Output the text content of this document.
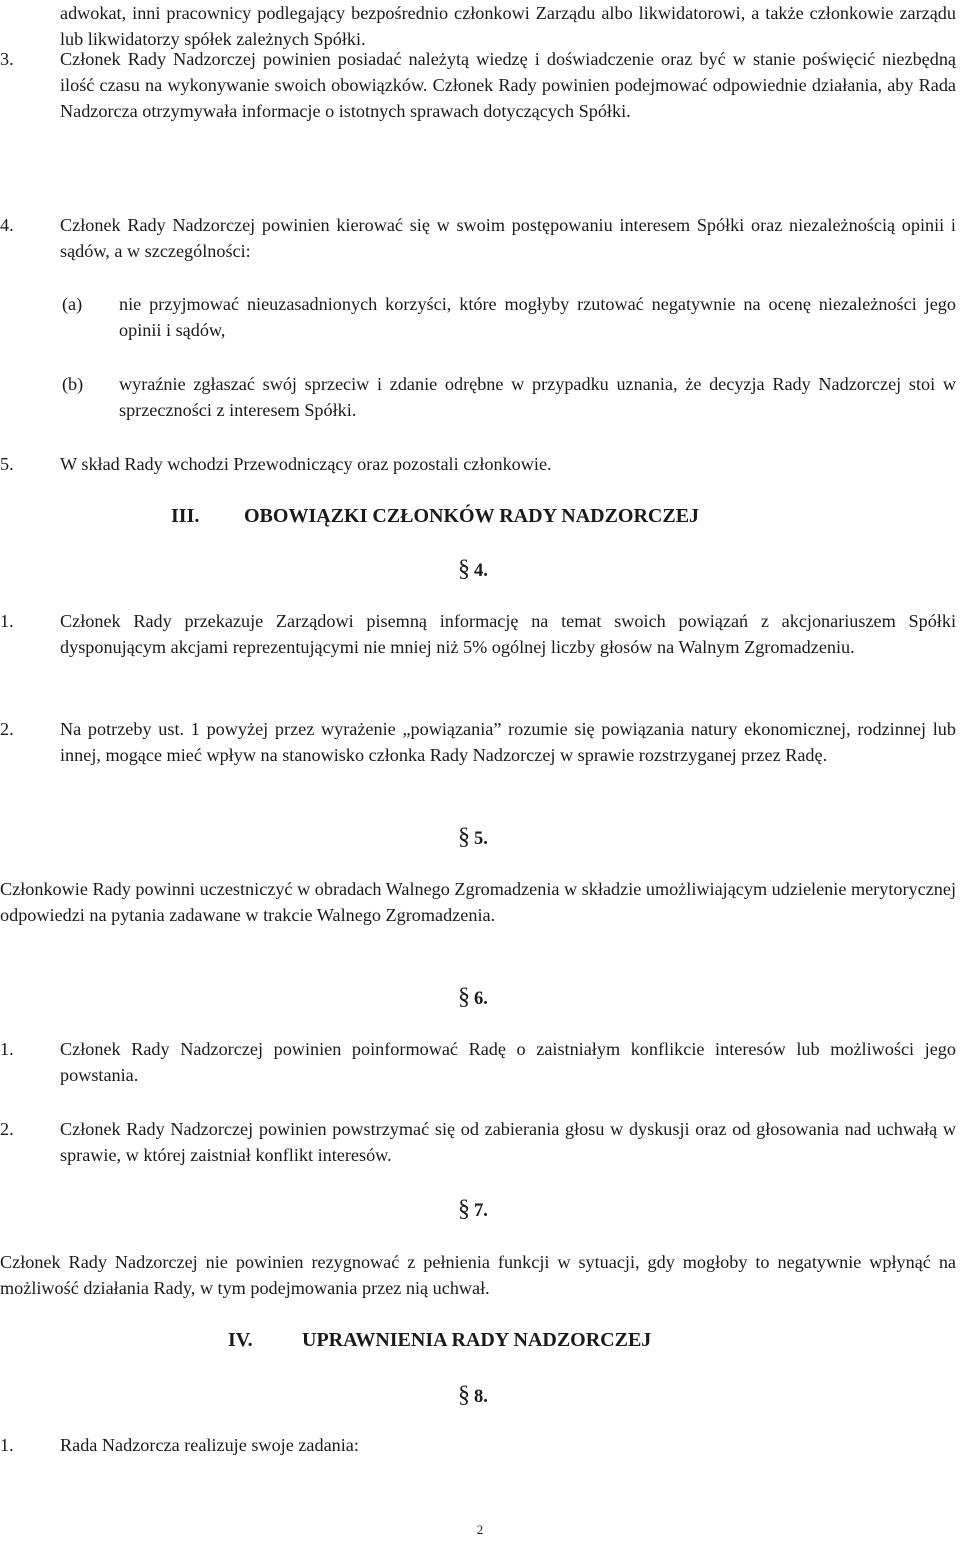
adwokat, inni pracownicy podlegający bezpośrednio członkowi Zarządu albo likwidatorowi, a także członkowie zarządu lub likwidatorzy spółek zależnych Spółki.
3.	Członek Rady Nadzorczej powinien posiadać należytą wiedzę i doświadczenie oraz być w stanie poświęcić niezbędną ilość czasu na wykonywanie swoich obowiązków. Członek Rady powinien podejmować odpowiednie działania, aby Rada Nadzorcza otrzymywała informacje o istotnych sprawach dotyczących Spółki.
4.	Członek Rady Nadzorczej powinien kierować się w swoim postępowaniu interesem Spółki oraz niezależnością opinii i sądów, a w szczególności:
(a) nie przyjmować nieuzasadnionych korzyści, które mogłyby rzutować negatywnie na ocenę niezależności jego opinii i sądów,
(b) wyraźnie zgłaszać swój sprzeciw i zdanie odrębne w przypadku uznania, że decyzja Rady Nadzorczej stoi w sprzeczności z interesem Spółki.
5.	W skład Rady wchodzi Przewodniczący oraz pozostali członkowie.
III. OBOWIĄZKI CZŁONKÓW RADY NADZORCZEJ
§ 4.
1.	Członek Rady przekazuje Zarządowi pisemną informację na temat swoich powiązań z akcjonariuszem Spółki dysponującym akcjami reprezentującymi nie mniej niż 5% ogólnej liczby głosów na Walnym Zgromadzeniu.
2.	Na potrzeby ust. 1 powyżej przez wyrażenie „powiązania” rozumie się powiązania natury ekonomicznej, rodzinnej lub innej, mogące mieć wpływ na stanowisko członka Rady Nadzorczej w sprawie rozstrzyganej przez Radę.
§ 5.
Członkowie Rady powinni uczestniczyć w obradach Walnego Zgromadzenia w składzie umożliwiającym udzielenie merytorycznej odpowiedzi na pytania zadawane w trakcie Walnego Zgromadzenia.
§ 6.
1.	Członek Rady Nadzorczej powinien poinformować Radę o zaistniałym konflikcie interesów lub możliwości jego powstania.
2.	Członek Rady Nadzorczej powinien powstrzymać się od zabierania głosu w dyskusji oraz od głosowania nad uchwałą w sprawie, w której zaistniał konflikt interesów.
§ 7.
Członek Rady Nadzorczej nie powinien rezygnować z pełnienia funkcji w sytuacji, gdy mogłoby to negatywnie wpłynąć na możliwość działania Rady, w tym podejmowania przez nią uchwał.
IV. UPRAWNIENIA RADY NADZORCZEJ
§ 8.
1.	Rada Nadzorcza realizuje swoje zadania:
2
